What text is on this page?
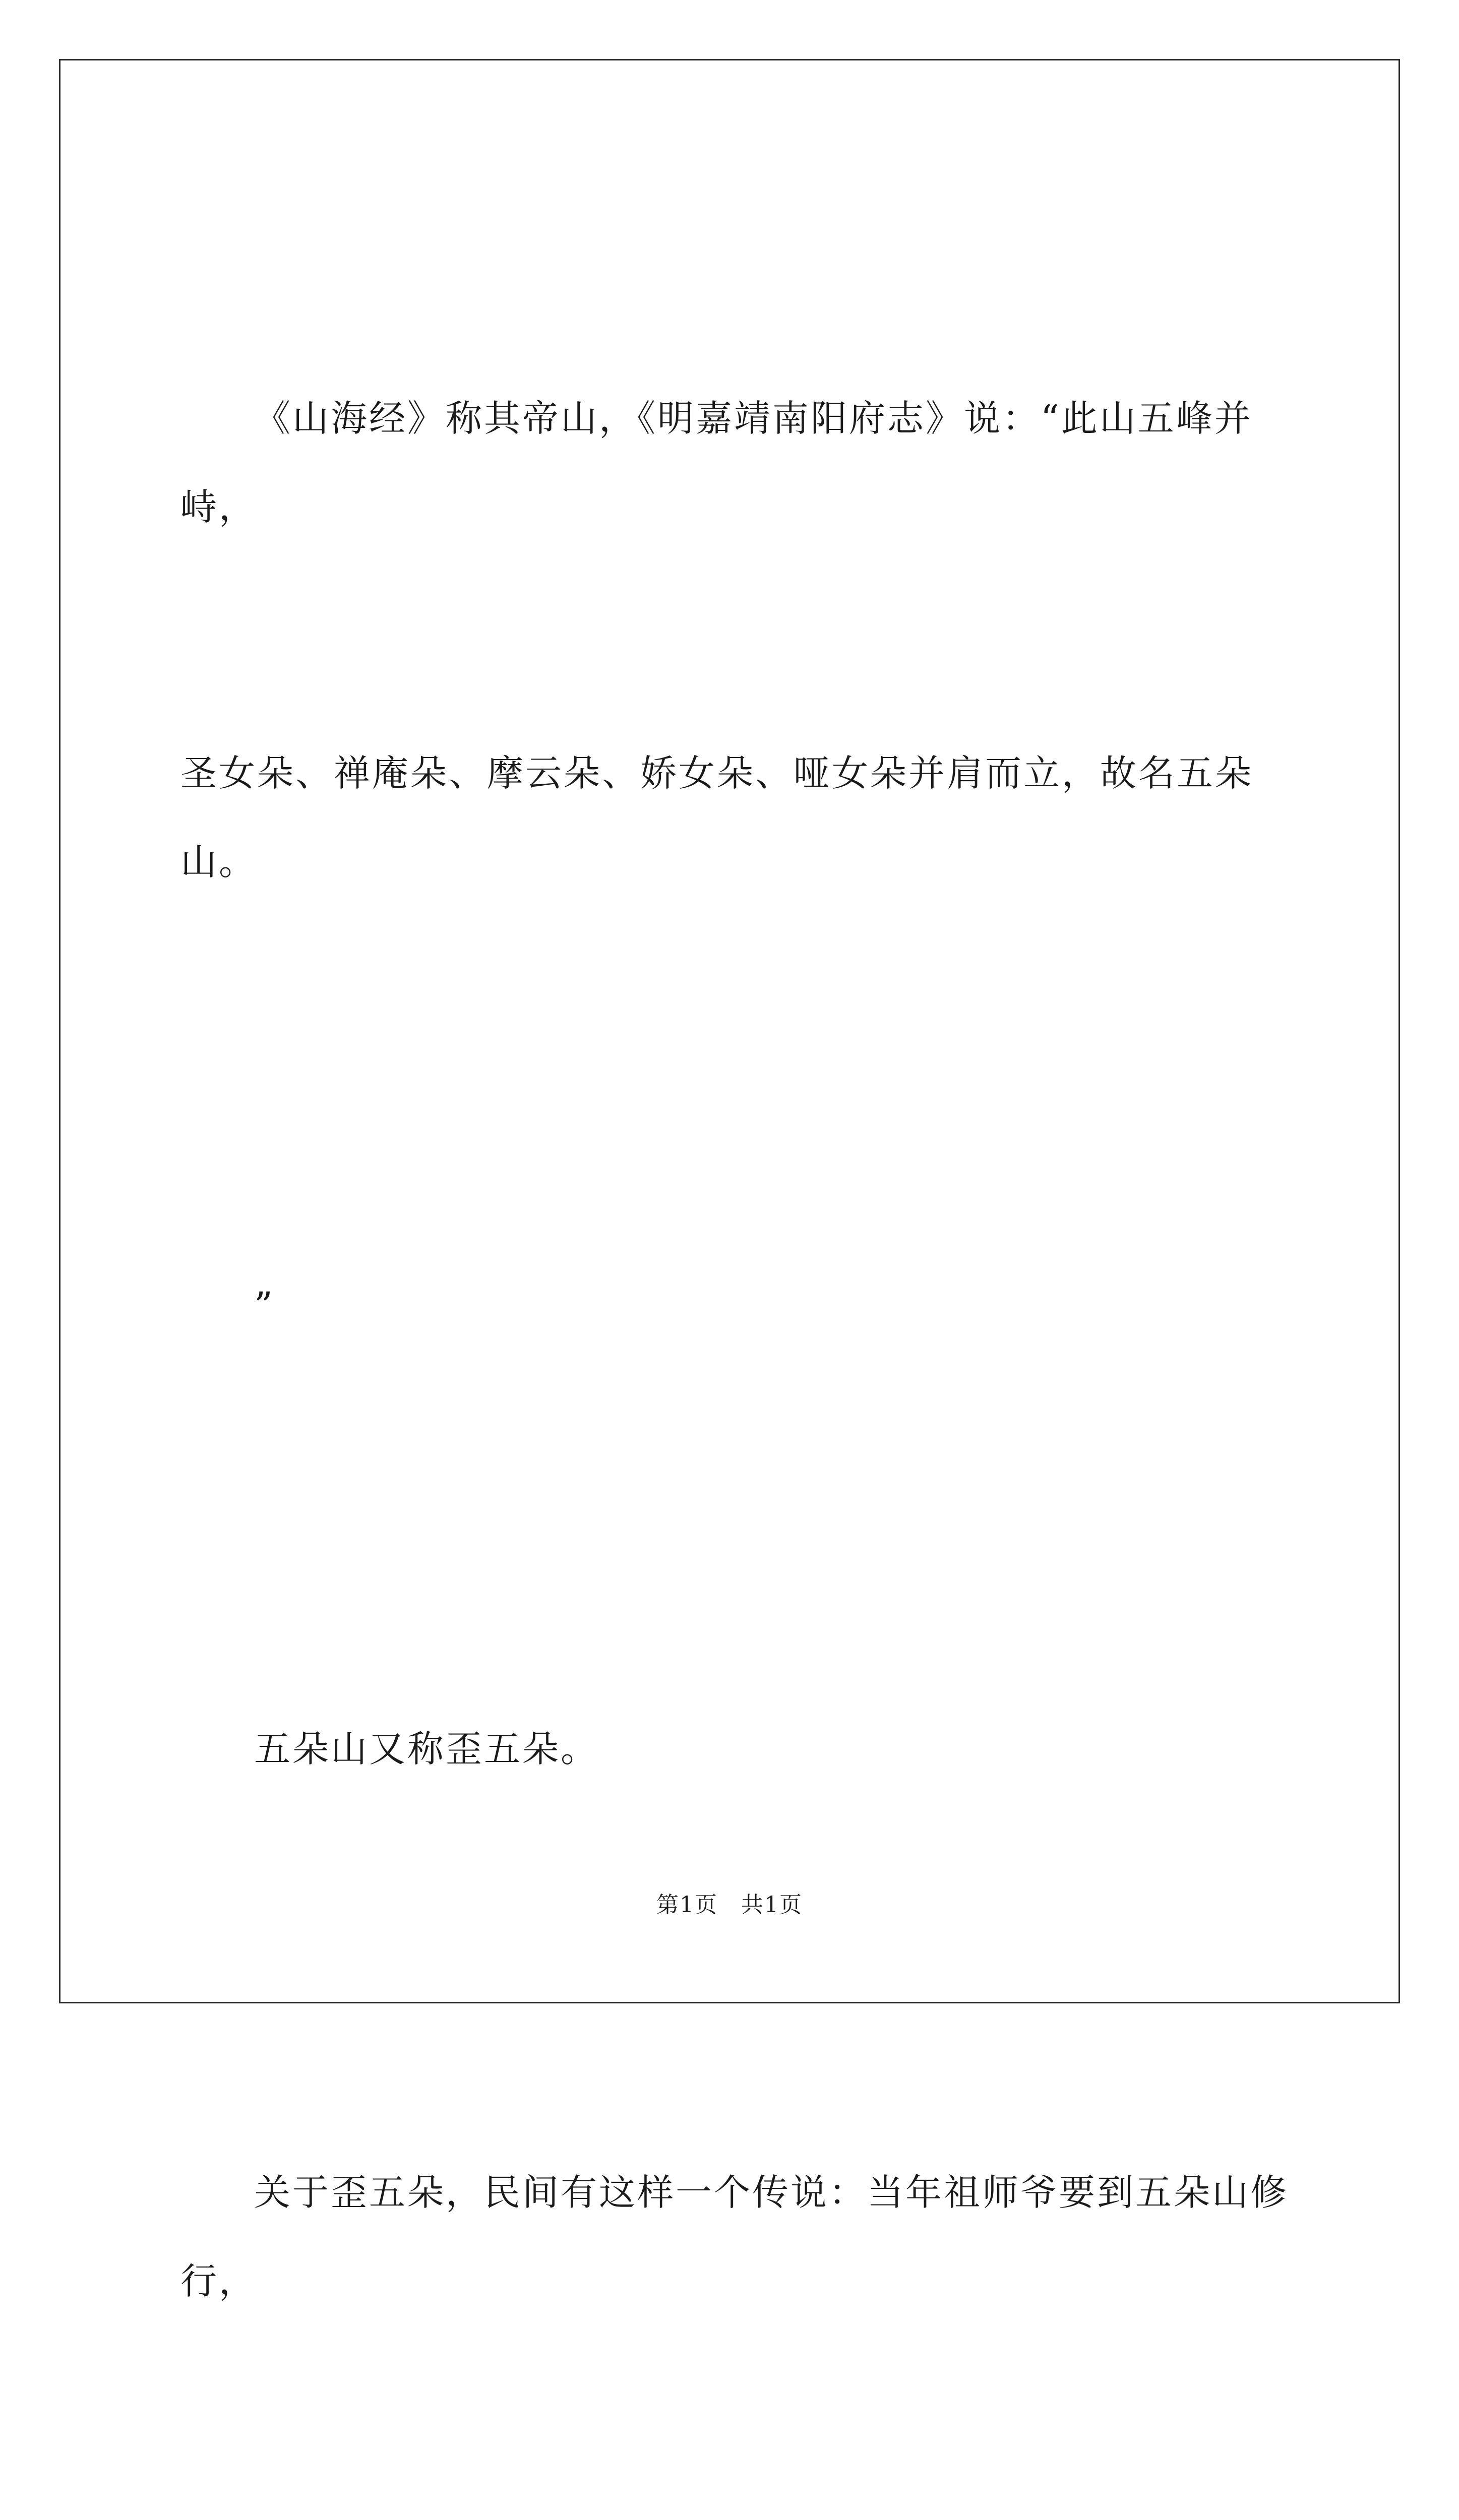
《山海经》称其帝山，《明嘉靖南阳府志》说：“此山五峰并峙，

圣女朵、禅庵朵、摩云朵、娇女朵、哑女朵并肩而立，故名五朵山。

”

五朵山又称歪五朵。

关于歪五朵，民间有这样一个传说：当年祖师爷要到五朵山修行，

第1页　共1页
